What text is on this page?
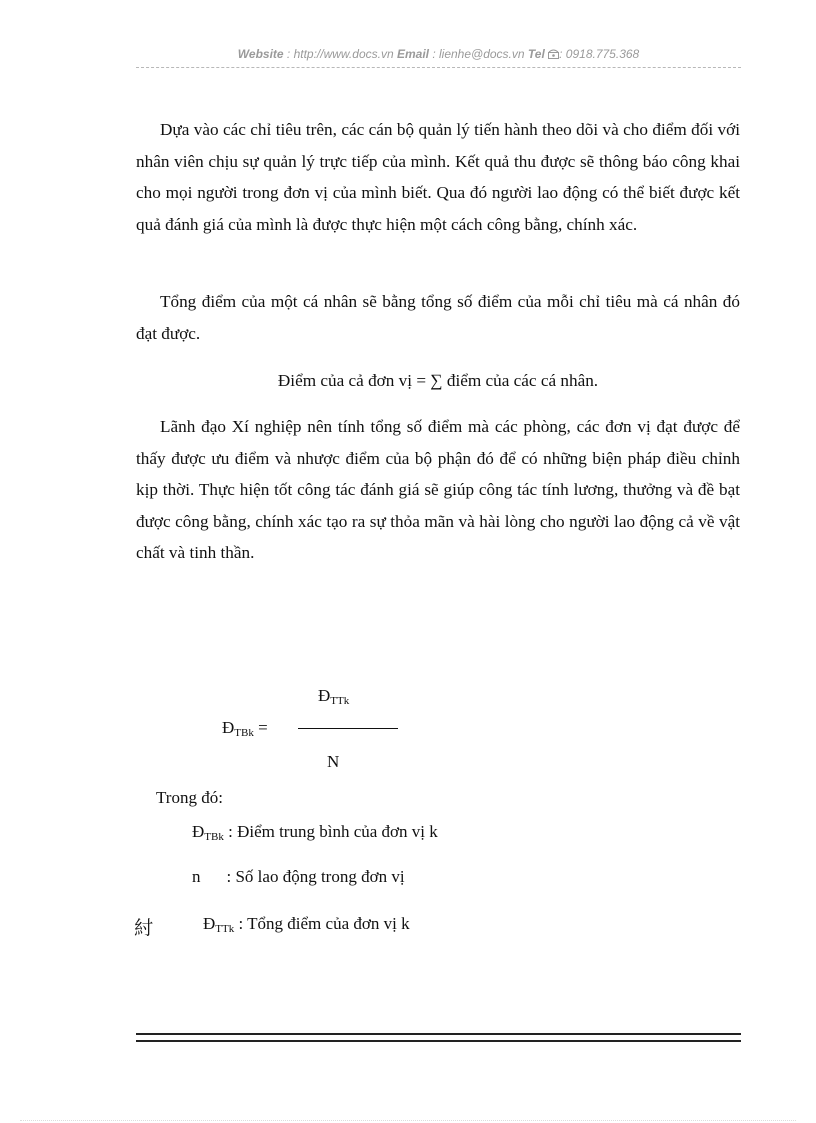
Website : http://www.docs.vn Email : lienhe@docs.vn Tel : 0918.775.368

Dựa vào các chỉ tiêu trên, các cán bộ quản lý tiến hành theo dõi và cho điểm đối với nhân viên chịu sự quản lý trực tiếp của mình. Kết quả thu được sẽ thông báo công khai cho mọi người trong đơn vị của mình biết. Qua đó người lao động có thể biết được kết quả đánh giá của mình là được thực hiện một cách công bằng, chính xác.

Tổng điểm của một cá nhân sẽ bằng tổng số điểm của mỗi chỉ tiêu mà cá nhân đó đạt được.

Điểm của cả đơn vị = ∑ điểm của các cá nhân.

Lãnh đạo Xí nghiệp nên tính tổng số điểm mà các phòng, các đơn vị đạt được để thấy được ưu điểm và nhược điểm của bộ phận đó để có những biện pháp điều chỉnh kịp thời. Thực hiện tốt công tác đánh giá sẽ giúp công tác tính lương, thưởng và đề bạt được công bằng, chính xác tạo ra sự thỏa mãn và hài lòng cho người lao động cả về vật chất và tinh thần.

$Đ_{TTk}$
$Đ_{TBk}$ =
N
Trong đó:
$Đ_{TBk}$ : Điểm trung bình của đơn vị k
n : Số lao động trong đơn vị
紂	$Đ_{TTk}$ : Tổng điểm của đơn vị k
